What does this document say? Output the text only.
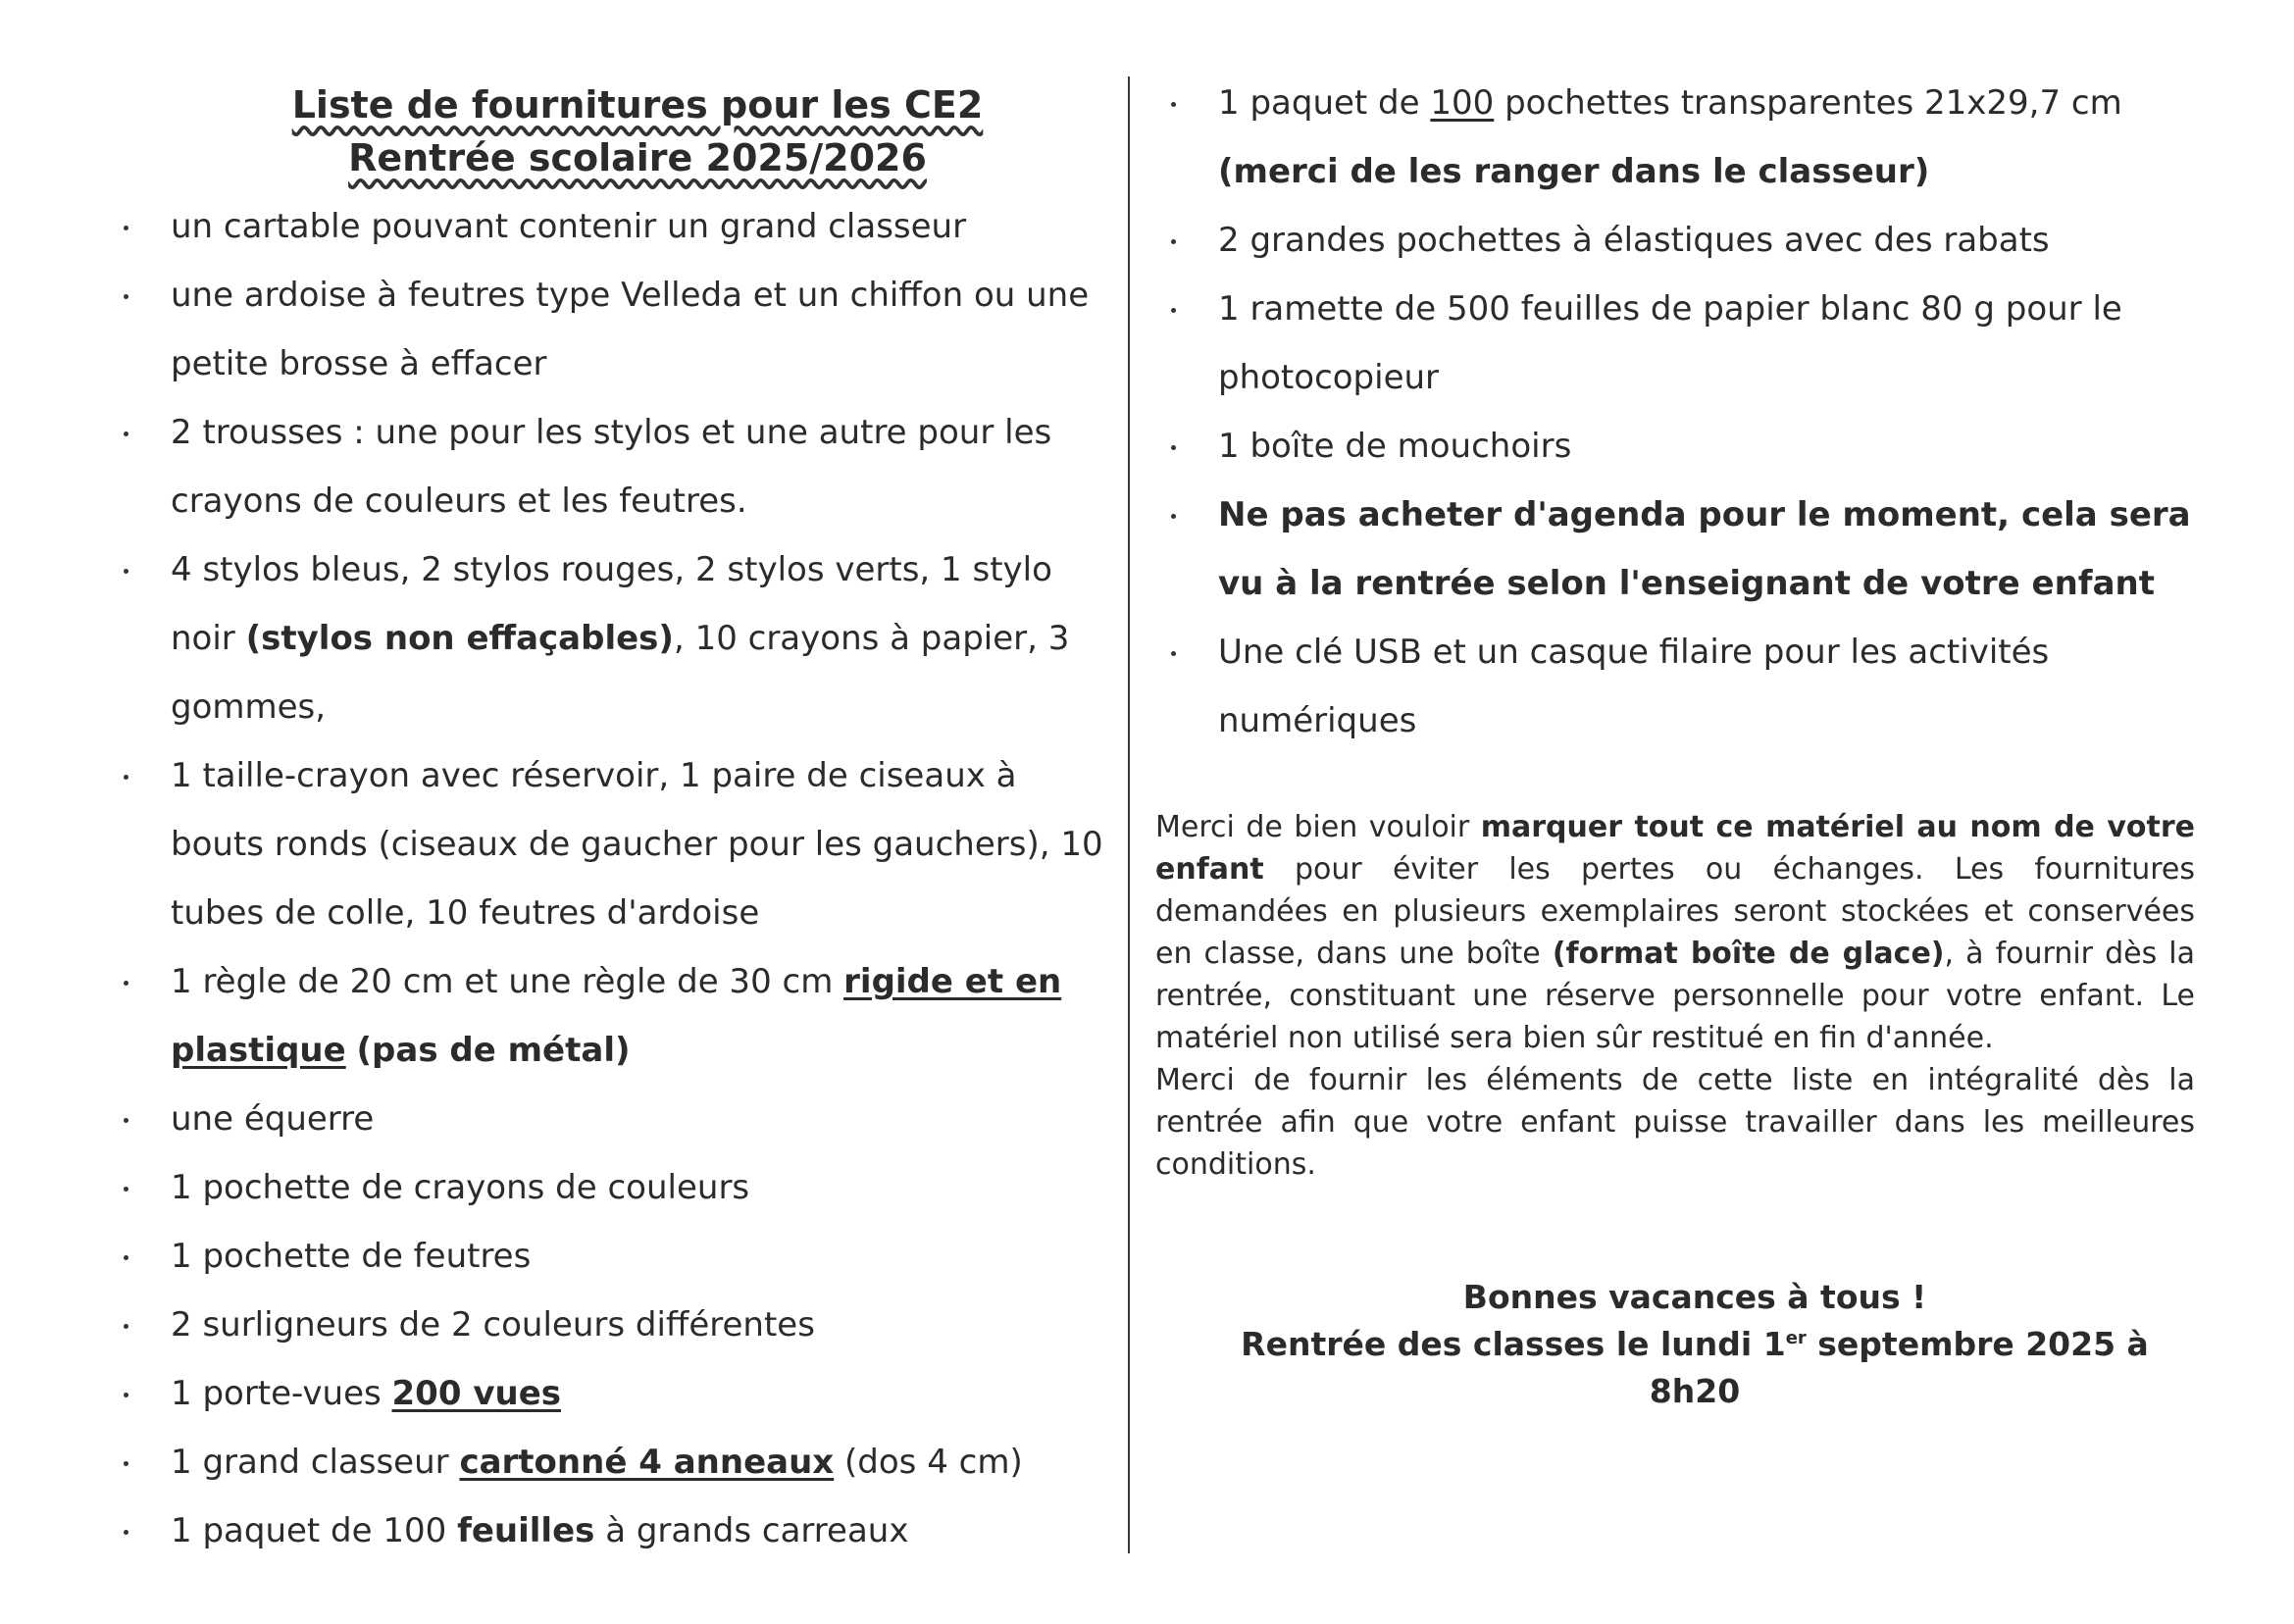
Liste de fournitures pour les CE2
Rentrée scolaire 2025/2026
un cartable pouvant contenir un grand classeur
une ardoise à feutres type Velleda et un chiffon ou une petite brosse à effacer
2 trousses : une pour les stylos et une autre pour les crayons de couleurs et les feutres.
4 stylos bleus, 2 stylos rouges, 2 stylos verts, 1 stylo noir (stylos non effaçables), 10 crayons à papier, 3 gommes,
1 taille-crayon avec réservoir, 1 paire de ciseaux à bouts ronds (ciseaux de gaucher pour les gauchers), 10 tubes de colle, 10 feutres d'ardoise
1 règle de 20 cm et une règle de 30 cm rigide et en plastique (pas de métal)
une équerre
1 pochette de crayons de couleurs
1 pochette de feutres
2 surligneurs de 2 couleurs différentes
1 porte-vues 200 vues
1 grand classeur cartonné 4 anneaux (dos 4 cm)
1 paquet de 100 feuilles à grands carreaux
1 paquet de 100 pochettes transparentes 21x29,7 cm (merci de les ranger dans le classeur)
2 grandes pochettes à élastiques avec des rabats
1 ramette de 500 feuilles de papier blanc 80 g pour le photocopieur
1 boîte de mouchoirs
Ne pas acheter d'agenda pour le moment, cela sera vu à la rentrée selon l'enseignant de votre enfant
Une clé USB et un casque filaire pour les activités numériques
Merci de bien vouloir marquer tout ce matériel au nom de votre enfant pour éviter les pertes ou échanges. Les fournitures demandées en plusieurs exemplaires seront stockées et conservées en classe, dans une boîte (format boîte de glace), à fournir dès la rentrée, constituant une réserve personnelle pour votre enfant. Le matériel non utilisé sera bien sûr restitué en fin d'année.
Merci de fournir les éléments de cette liste en intégralité dès la rentrée afin que votre enfant puisse travailler dans les meilleures conditions.
Bonnes vacances à tous !
Rentrée des classes le lundi 1er septembre 2025 à 8h20
